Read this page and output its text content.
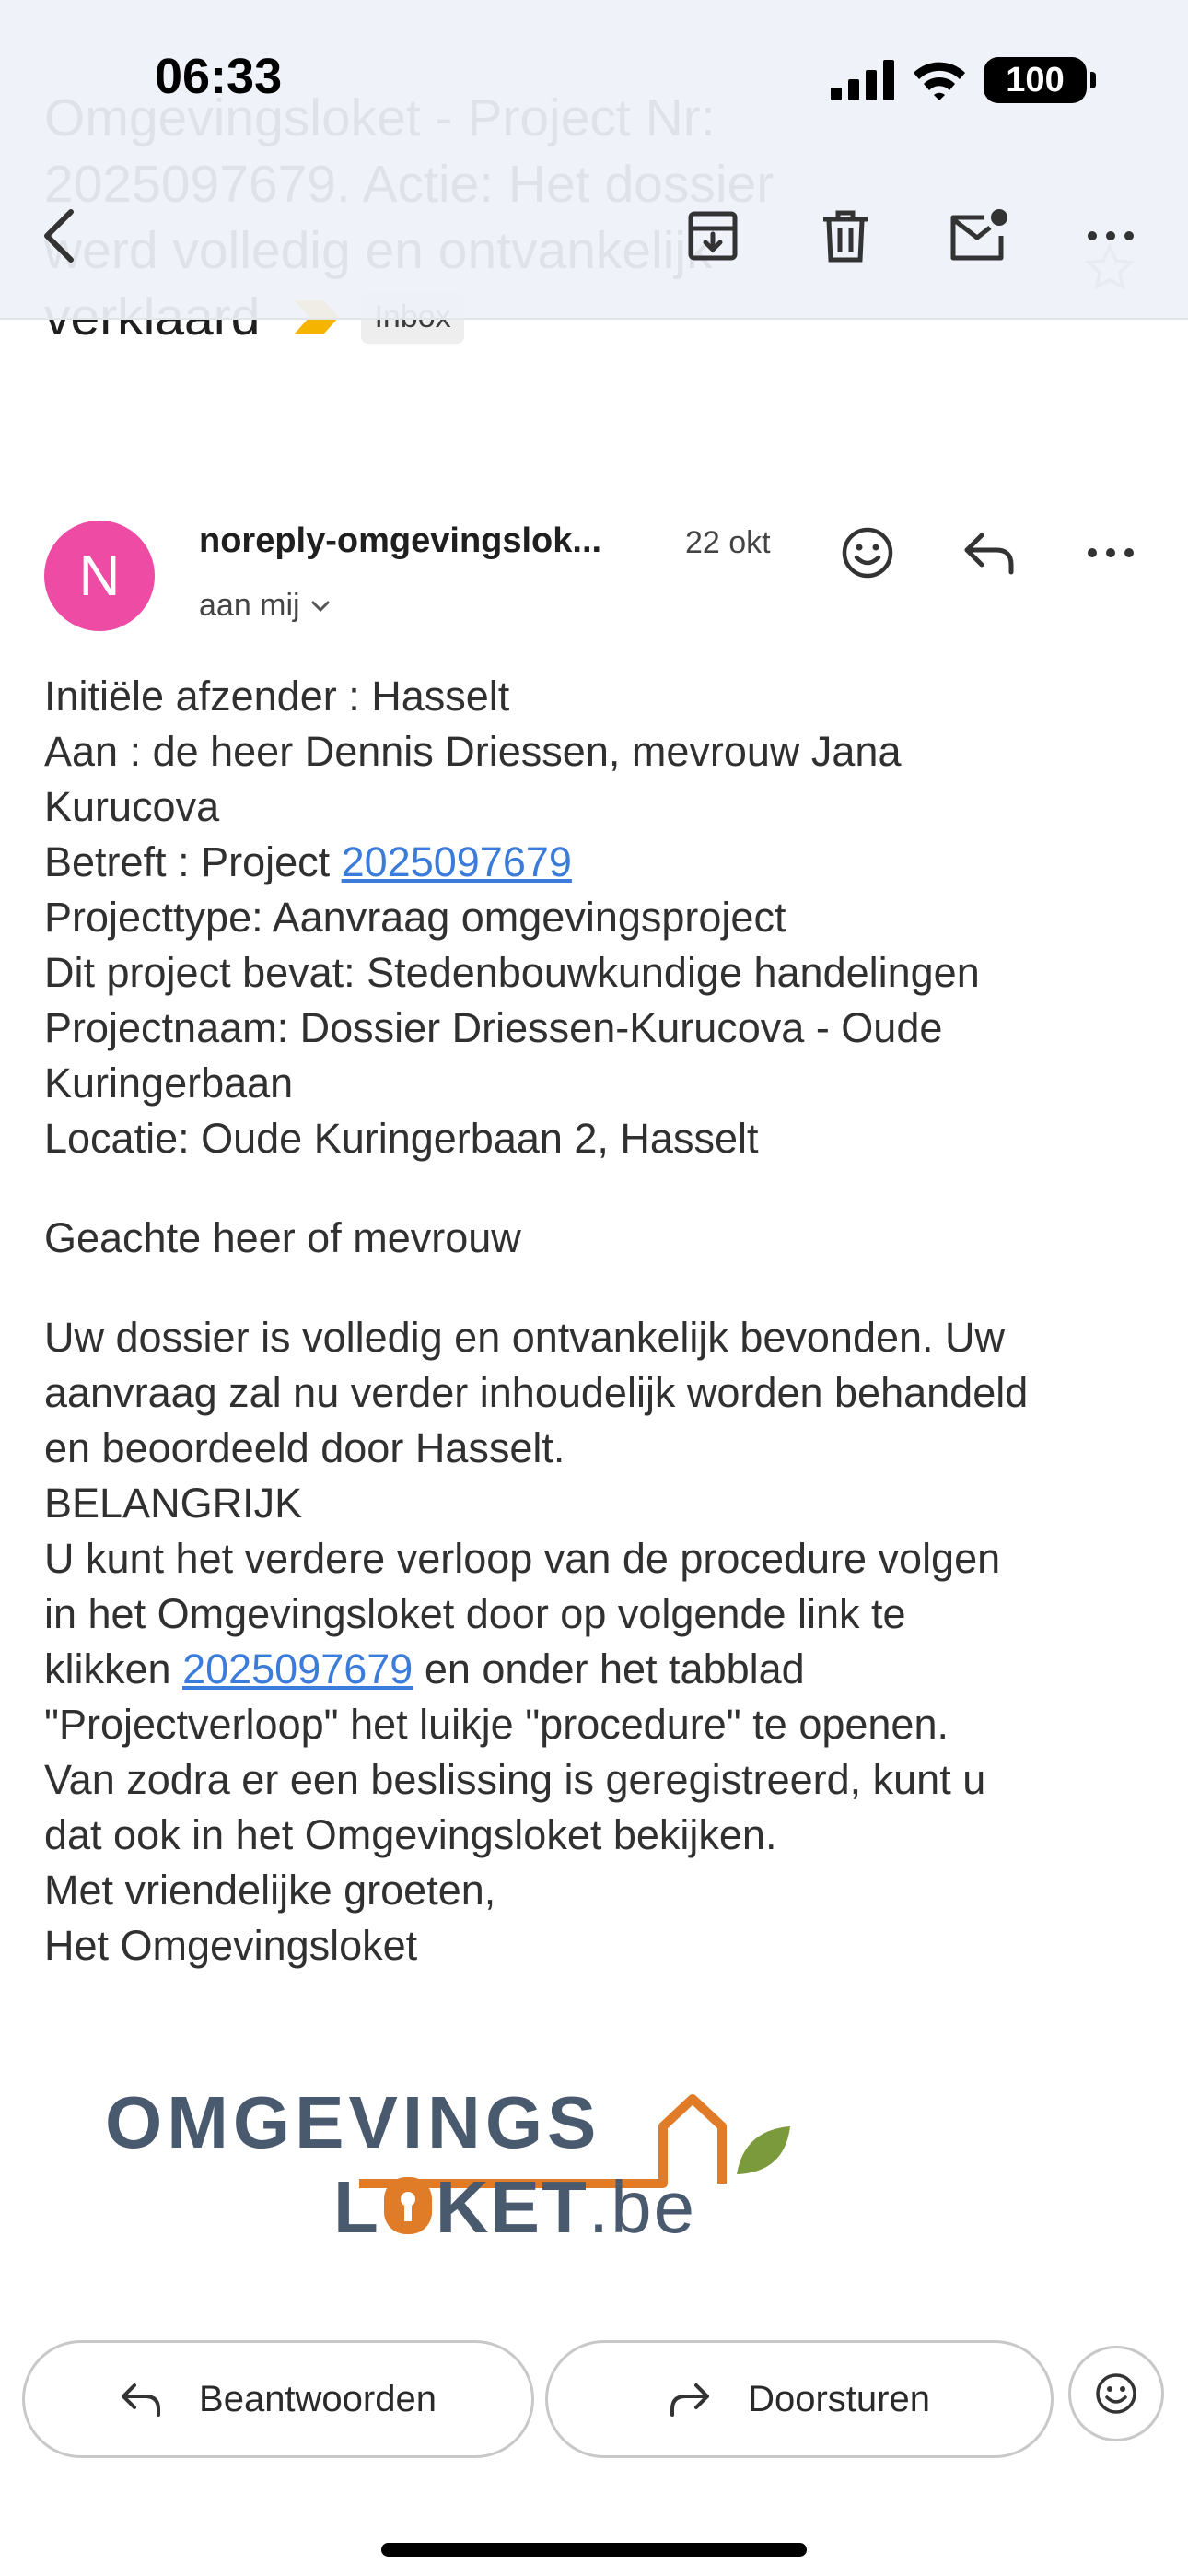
06:33	100
N
noreply-omgevingslok...	22 okt
aan mij

Initiële afzender : Hasselt

Aan : de heer Dennis Driessen, mevrouw Jana

Kurucova

Betreft : Project 2025097679

Projecttype: Aanvraag omgevingsproject

Dit project bevat: Stedenbouwkundige handelingen

Projectnaam: Dossier Driessen-Kurucova - Oude

Kuringerbaan

Locatie: Oude Kuringerbaan 2, Hasselt

Geachte heer of mevrouw

Uw dossier is volledig en ontvankelijk bevonden. Uw

aanvraag zal nu verder inhoudelijk worden behandeld

en beoordeeld door Hasselt.

BELANGRIJK

U kunt het verdere verloop van de procedure volgen

in het Omgevingsloket door op volgende link te

klikken 2025097679 en onder het tabblad

"Projectverloop" het luikje "procedure" te openen.

Van zodra er een beslissing is geregistreerd, kunt u

dat ook in het Omgevingsloket bekijken.

Met vriendelijke groeten,

Het Omgevingsloket

OMGEVINGS
L KET.be
Beantwoorden	Doorsturen
